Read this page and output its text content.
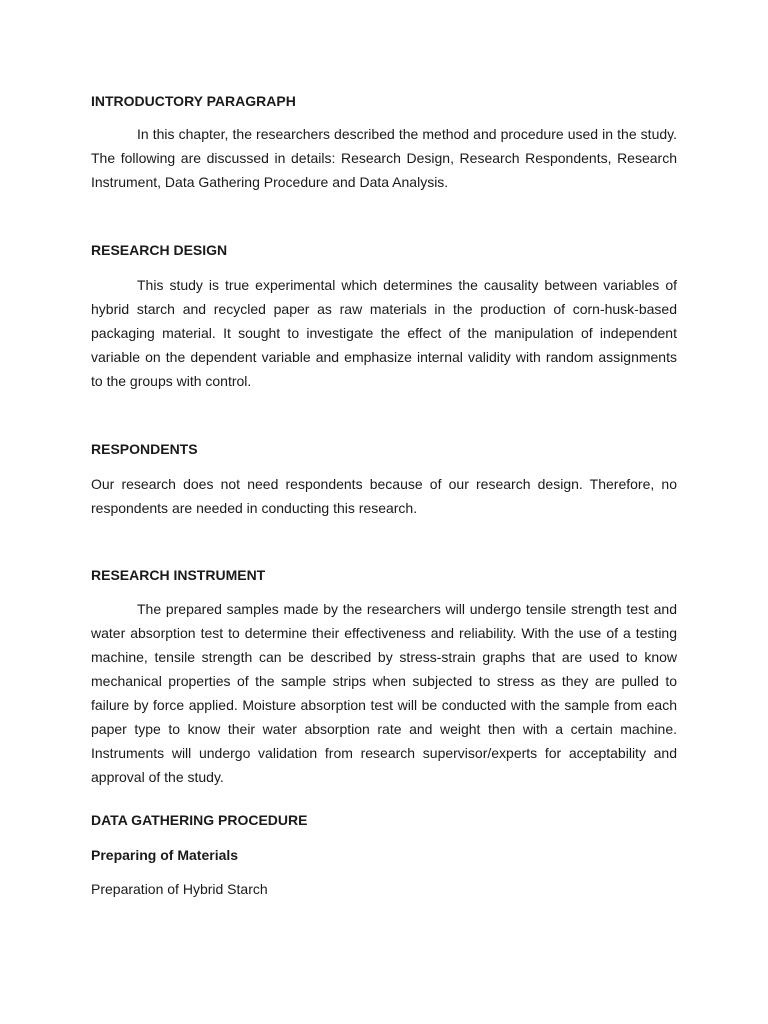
INTRODUCTORY PARAGRAPH

In this chapter, the researchers described the method and procedure used in the study. The following are discussed in details: Research Design, Research Respondents, Research Instrument, Data Gathering Procedure and Data Analysis.

RESEARCH DESIGN

This study is true experimental which determines the causality between variables of hybrid starch and recycled paper as raw materials in the production of corn-husk-based packaging material. It sought to investigate the effect of the manipulation of independent variable on the dependent variable and emphasize internal validity with random assignments to the groups with control.

RESPONDENTS

Our research does not need respondents because of our research design. Therefore, no respondents are needed in conducting this research.

RESEARCH INSTRUMENT

The prepared samples made by the researchers will undergo tensile strength test and water absorption test to determine their effectiveness and reliability. With the use of a testing machine, tensile strength can be described by stress-strain graphs that are used to know mechanical properties of the sample strips when subjected to stress as they are pulled to failure by force applied. Moisture absorption test will be conducted with the sample from each paper type to know their water absorption rate and weight then with a certain machine. Instruments will undergo validation from research supervisor/experts for acceptability and approval of the study.

DATA GATHERING PROCEDURE
Preparing of Materials

Preparation of Hybrid Starch
